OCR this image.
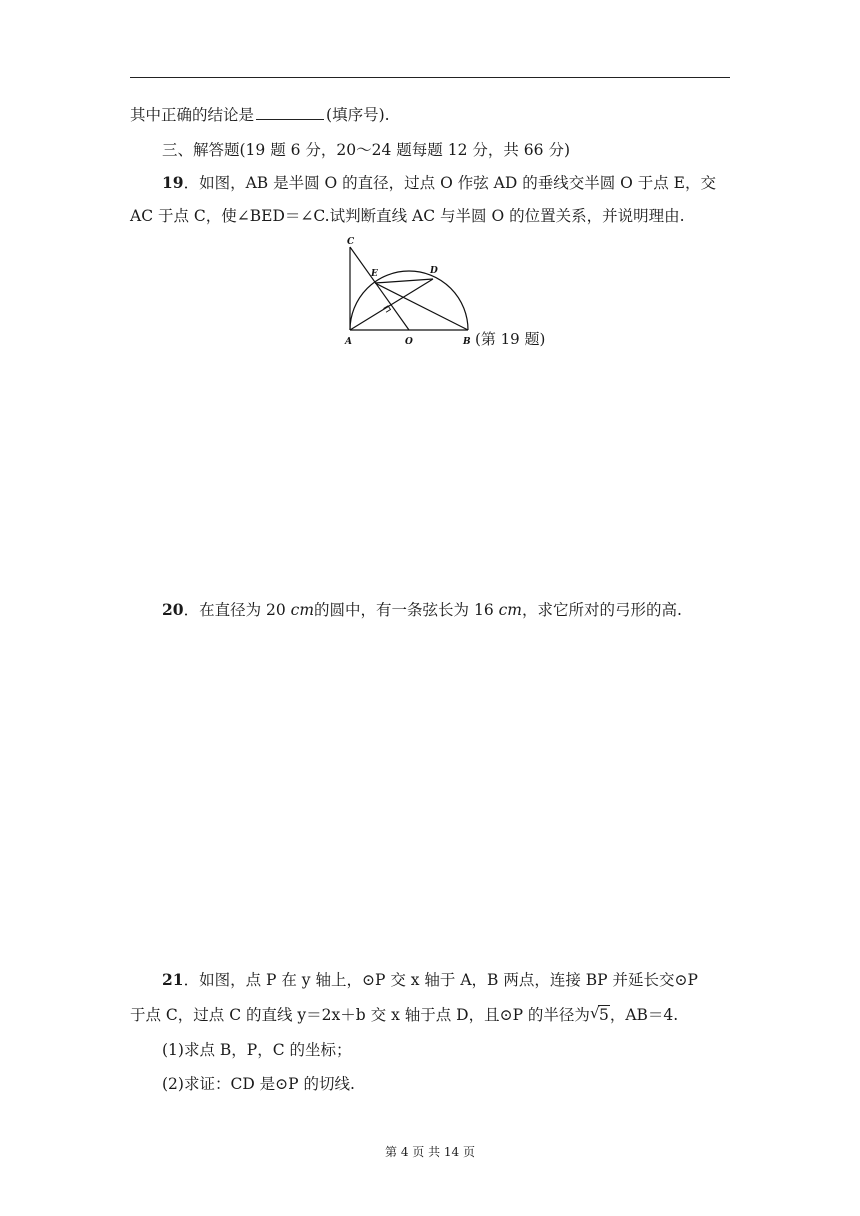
其中正确的结论是	(填序号).
三、解答题(19 题 6 分，20～24 题每题 12 分，共 66 分)
19．如图，AB 是半圆 O 的直径，过点 O 作弦 AD 的垂线交半圆 O 于点 E，交
AC 于点 C，使∠BED＝∠C.试判断直线 AC 与半圆 O 的位置关系，并说明理由.
C
E	D
A	O	B (第 19 题)
20．在直径为 20 cm的圆中，有一条弦长为 16 cm，求它所对的弓形的高.
21．如图，点 P 在 y 轴上，⊙P 交 x 轴于 A，B 两点，连接 BP 并延长交⊙P
于点 C，过点 C 的直线 y＝2x＋b 交 x 轴于点 D，且⊙P 的半径为 √ 5，AB＝4.
(1)求点 B，P，C 的坐标；
(2)求证：CD 是⊙P 的切线.
第 4 页 共 14 页
